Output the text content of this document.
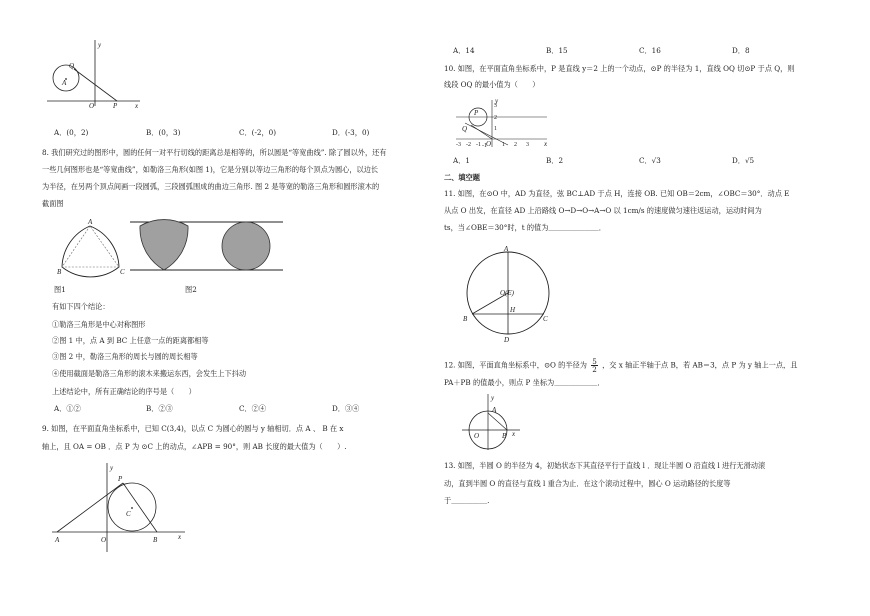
y
x
Q
A
O	P
A．(0，2)	B．(0，3)	C．(-2，0)	D．(-3，0)
8. 我们研究过的图形中，圆的任何一对平行切线的距离总是相等的，所以圆是“等宽曲线”. 除了圆以外，还有
一些几何图形也是“等宽曲线”，如勒洛三角形(如图 1)，它是分别以等边三角形的每个顶点为圆心，以边长
为半径，在另两个顶点间画一段圆弧，三段圆弧围成的曲边三角形. 图 2 是等宽的勒洛三角形和圆形滚木的
截面图
A
B	C
图1	图2
有如下四个结论：
①勒洛三角形是中心对称图形
②图 1 中，点 A 到 BC 上任意一点的距离都相等
③图 2 中，勒洛三角形的周长与圆的周长相等
④使用截面是勒洛三角形的滚木来搬运东西，会发生上下抖动
上述结论中，所有正确结论的序号是（　　）
A．①②	B．②③	C．②④	D．③④
9. 如图，在平面直角坐标系中，已知 C(3,4)，以点 C 为圆心的圆与 y 轴相切．点 A 、 B 在 x
轴上，且 OA = OB ．点 P 为 ⊙C 上的动点，∠APB = 90°，则 AB 长度的最大值为（　　）.
y
P
C
A	O	B	x
A．14	B．15	C．16	D．8
10. 如图，在平面直角坐标系中，P 是直线 y＝2 上的一个动点，⊙P 的半径为 1，直线 OQ 切⊙P 于点 Q，则
线段 OQ 的最小值为（　　）
P
Q
O
y
x
3
2
1
-1
-3 -2 -1	1 2 3
A．1	B．2	C．√3	D．√5
二、填空题
11. 如图，在⊙O 中，AD 为直径，弦 BC⊥AD 于点 H，连接 OB. 已知 OB＝2cm，∠OBC＝30°．动点 E
从点 O 出发，在直径 AD 上沿路线 O→D→O→A→O 以 1cm/s 的速度做匀速往返运动，运动时间为
ts，当∠OBE＝30°时，t 的值为＿＿＿＿＿＿＿．
A
O(E)
H
B	C
D
12. 如图，平面直角坐标系中，⊙O 的半径为 $\frac{5}{2}$ ，交 x 轴正半轴于点 B，若 AB＝3，点 P 为 y 轴上一点，且
PA＋PB 的值最小，则点 P 坐标为＿＿＿＿＿＿．
y
A
O	B x
13. 如图，半圆 O 的半径为 4，初始状态下其直径平行于直线 l ．现让半圆 O 沿直线 l 进行无滑动滚
动，直到半圆 O 的直径与直线 l 重合为止．在这个滚动过程中，圆心 O 运动路径的长度等
于＿＿＿＿＿.
